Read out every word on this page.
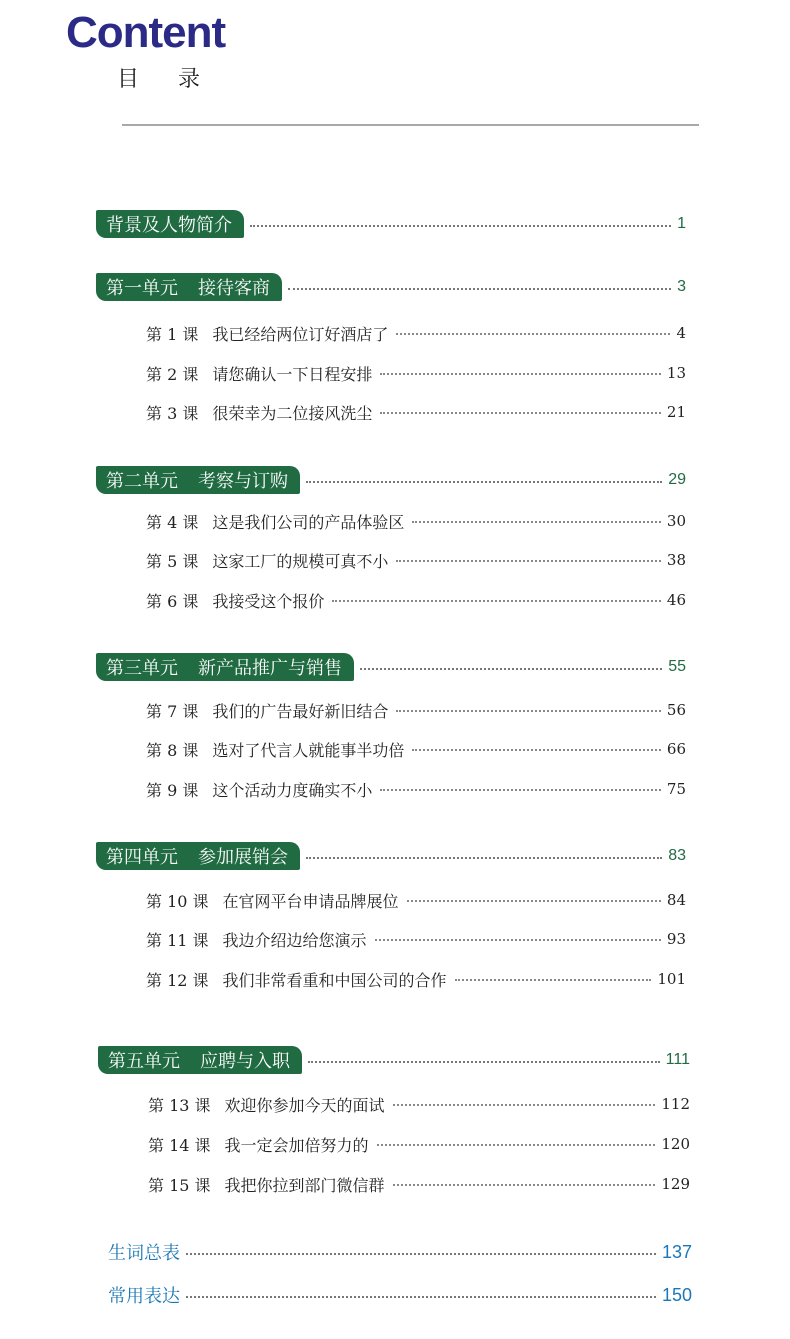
Content
目 录
背景及人物简介	1
第一单元 接待客商	3
第 1 课 我已经给两位订好酒店了	4
第 2 课 请您确认一下日程安排	13
第 3 课 很荣幸为二位接风洗尘	21
第二单元 考察与订购	29
第 4 课 这是我们公司的产品体验区	30
第 5 课 这家工厂的规模可真不小	38
第 6 课 我接受这个报价	46
第三单元 新产品推广与销售	55
第 7 课 我们的广告最好新旧结合	56
第 8 课 选对了代言人就能事半功倍	66
第 9 课 这个活动力度确实不小	75
第四单元 参加展销会	83
第 10 课 在官网平台申请品牌展位	84
第 11 课 我边介绍边给您演示	93
第 12 课 我们非常看重和中国公司的合作	101
第五单元 应聘与入职	111
第 13 课 欢迎你参加今天的面试	112
第 14 课 我一定会加倍努力的	120
第 15 课 我把你拉到部门微信群	129
生词总表	137
常用表达	150
